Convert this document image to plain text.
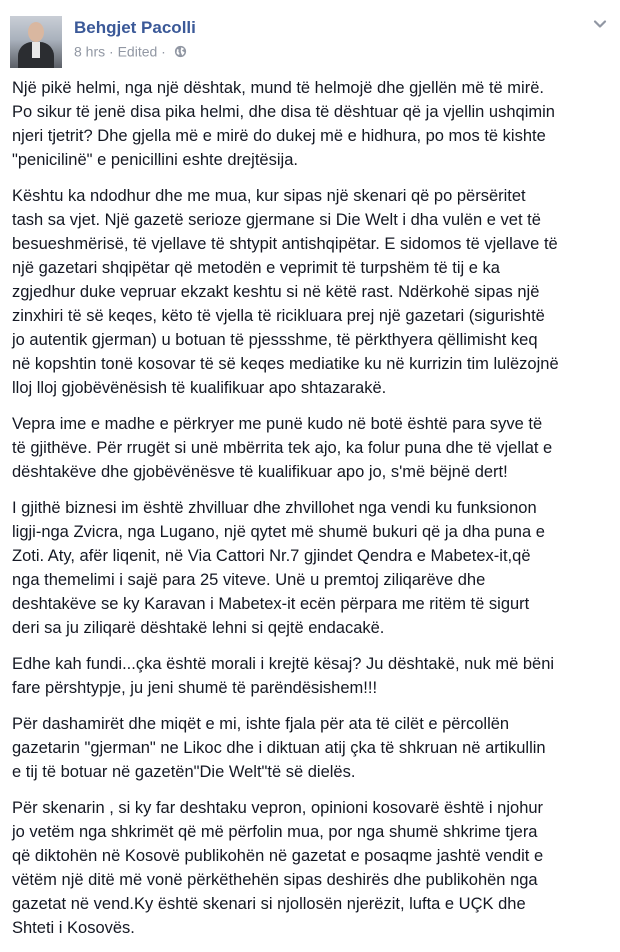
Behgjet Pacolli
8 hrs · Edited ·

Një pikë helmi, nga një dështak, mund të helmojë dhe gjellën më të mirë.
Po sikur të jenë disa pika helmi, dhe disa të dështuar që ja vjellin ushqimin
njeri tjetrit? Dhe gjella më e mirë do dukej më e hidhura, po mos të kishte
"penicilinë" e penicillini eshte drejtësija.

Kështu ka ndodhur dhe me mua, kur sipas një skenari që po përsëritet
tash sa vjet. Një gazetë serioze gjermane si Die Welt i dha vulën e vet të
besueshmërisë, të vjellave të shtypit antishqipëtar. E sidomos të vjellave të
një gazetari shqipëtar që metodën e veprimit të turpshëm të tij e ka
zgjedhur duke vepruar ekzakt keshtu si në këtë rast. Ndërkohë sipas një
zinxhiri të së keqes, këto të vjella të ricikluara prej një gazetari (sigurishtë
jo autentik gjerman) u botuan të pjessshme, të përkthyera qëllimisht keq
në kopshtin tonë kosovar të së keqes mediatike ku në kurrizin tim lulëzojnë
lloj lloj gjobëvënësish të kualifikuar apo shtazarakë.

Vepra ime e madhe e përkryer me punë kudo në botë është para syve të
të gjithëve. Për rrugët si unë mbërrita tek ajo, ka folur puna dhe të vjellat e
dështakëve dhe gjobëvënësve të kualifikuar apo jo, s'më bëjnë dert!

I gjithë biznesi im është zhvilluar dhe zhvillohet nga vendi ku funksionon
ligji-nga Zvicra, nga Lugano, një qytet më shumë bukuri që ja dha puna e
Zoti. Aty, afër liqenit, në Via Cattori Nr.7 gjindet Qendra e Mabetex-it,që
nga themelimi i sajë para 25 viteve. Unë u premtoj ziliqarëve dhe
deshtakëve se ky Karavan i Mabetex-it ecën përpara me ritëm të sigurt
deri sa ju ziliqarë dështakë lehni si qejtë endacakë.

Edhe kah fundi...çka është morali i krejtë kësaj? Ju dështakë, nuk më bëni
fare përshtypje, ju jeni shumë të parëndësishem!!!

Për dashamirët dhe miqët e mi, ishte fjala për ata të cilët e përcollën
gazetarin "gjerman" ne Likoc dhe i diktuan atij çka të shkruan në artikullin
e tij të botuar në gazetën"Die Welt"të së dielës.

Për skenarin , si ky far deshtaku vepron, opinioni kosovarë është i njohur
jo vetëm nga shkrimët që më përfolin mua, por nga shumë shkrime tjera
që diktohën në Kosovë publikohën në gazetat e posaqme jashtë vendit e
vëtëm një ditë më vonë përkëthehën sipas deshirës dhe publikohën nga
gazetat në vend.Ky është skenari si njollosën njerëzit, lufta e UÇK dhe
Shteti i Kosovës.
